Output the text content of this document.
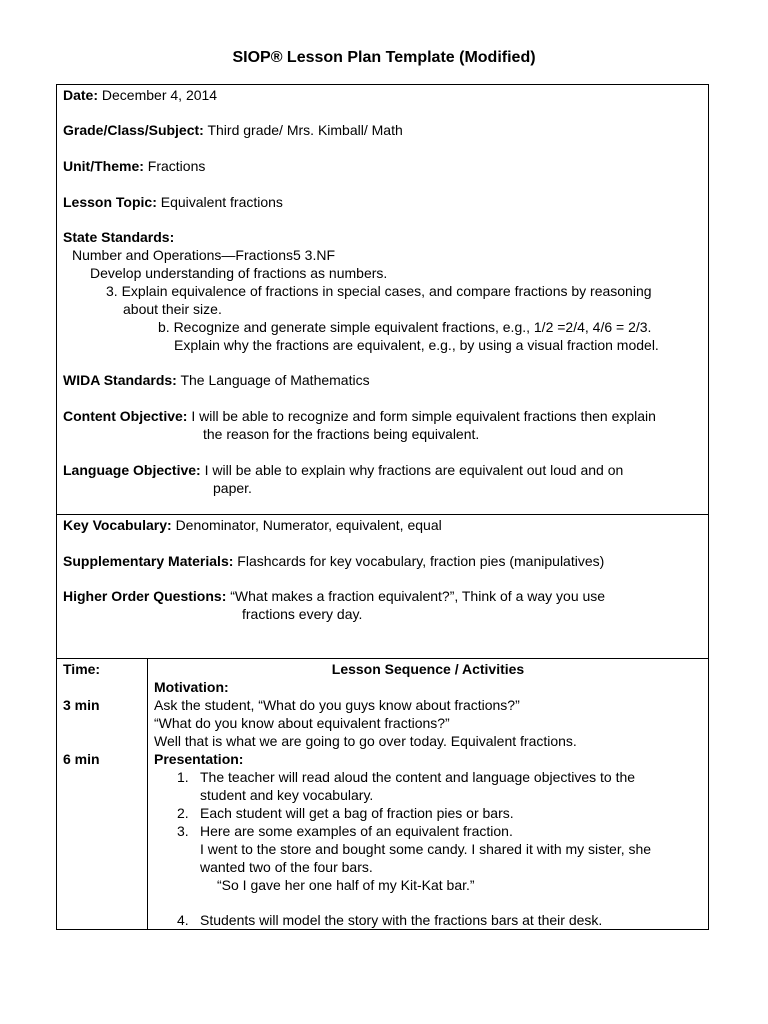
SIOP® Lesson Plan Template (Modified)
Date: December 4, 2014
Grade/Class/Subject: Third grade/ Mrs. Kimball/ Math
Unit/Theme: Fractions
Lesson Topic: Equivalent fractions
State Standards:
Number and Operations—Fractions5 3.NF
Develop understanding of fractions as numbers.
3. Explain equivalence of fractions in special cases, and compare fractions by reasoning
about their size.
b. Recognize and generate simple equivalent fractions, e.g., 1/2 =2/4, 4/6 = 2/3.
Explain why the fractions are equivalent, e.g., by using a visual fraction model.
WIDA Standards: The Language of Mathematics
Content Objective: I will be able to recognize and form simple equivalent fractions then explain
the reason for the fractions being equivalent.
Language Objective: I will be able to explain why fractions are equivalent out loud and on
paper.
Key Vocabulary: Denominator, Numerator, equivalent, equal
Supplementary Materials: Flashcards for key vocabulary, fraction pies (manipulatives)
Higher Order Questions: “What makes a fraction equivalent?”, Think of a way you use
fractions every day.
Time:
3 min
6 min
Lesson Sequence / Activities
Motivation:
Ask the student, “What do you guys know about fractions?”
“What do you know about equivalent fractions?”
Well that is what we are going to go over today. Equivalent fractions.
Presentation:
1. The teacher will read aloud the content and language objectives to the
student and key vocabulary.
2. Each student will get a bag of fraction pies or bars.
3. Here are some examples of an equivalent fraction.
I went to the store and bought some candy. I shared it with my sister, she
wanted two of the four bars.
“So I gave her one half of my Kit-Kat bar.”
4. Students will model the story with the fractions bars at their desk.
